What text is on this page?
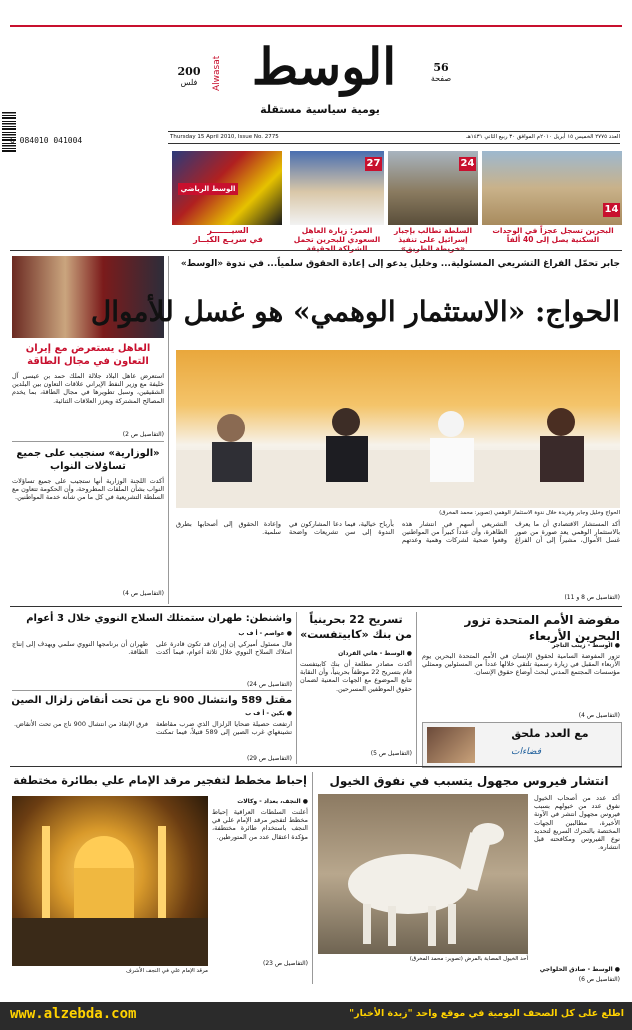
56
صفحة
الوسط
Alwasat
يومية سياسية مستقلة
200
فلس
6 084010 041004	Thursday 15 April 2010, Issue No. 2775	العدد ٢٧٧٥ الخميس ١٥ أبريل ٢٠١٠م الموافق ٣٠ ربيع الثاني ١٤٣١هـ
الوسط الرياضي
27	24
14
البحرين تسجل عجزاً في الوحدات السكنية يصل إلى 40 ألفاً
السلطة تطالب بإجبار إسرائيل على تنفيذ «خريطة الطريق»
العمر: زيارة العاهل السعودي للبحرين تحمل الشراكة الحقيقة
السيـــــــر
في سريـع الكبــار
العاهل يستعرض مع إيران التعاون في مجال الطاقة
استعرض عاهل البلاد جلالة الملك حمد بن عيسى آل خليفة مع وزير النفط الإيراني علاقات التعاون بين البلدين الشقيقين، وسبل تطويرها في مجال الطاقة، بما يخدم المصالح المشتركة ويعزز العلاقات الثنائية.
(التفاصيل ص 2)
«الوزارية» سنجيب على جميع تساؤلات النواب
أكدت اللجنة الوزارية أنها ستجيب على جميع تساؤلات النواب بشأن الملفات المطروحة، وأن الحكومة تتعاون مع السلطة التشريعية في كل ما من شأنه خدمة المواطنين.
(التفاصيل ص 4)
جابر تحمّل الفراغ التشريعي المسئولية... وخليل يدعو إلى إعادة الحقوق سلمياً... في ندوة «الوسط»
الحواج: «الاستثمار الوهمي» هو غسل للأموال
الحواج وخليل وجابر وفريدة خلال ندوة الاستثمار الوهمي (تصوير: محمد المخرق)
أكد المستشار الاقتصادي أن ما يعرف بالاستثمار الوهمي يعد صورة من صور غسل الأموال، مشيراً إلى أن الفراغ التشريعي أسهم في انتشار هذه الظاهرة، وأن عدداً كبيراً من المواطنين وقعوا ضحية لشركات وهمية وعدتهم بأرباح خيالية، فيما دعا المشاركون في الندوة إلى سن تشريعات واضحة وإعادة الحقوق إلى أصحابها بطرق سلمية.
(التفاصيل ص 8 و 11)
مفوضة الأمم المتحدة تزور البحرين الأربعاء
● الوسط - زينب التاجر
تزور المفوضة السامية لحقوق الإنسان في الأمم المتحدة البحرين يوم الأربعاء المقبل في زيارة رسمية تلتقي خلالها عدداً من المسئولين وممثلي مؤسسات المجتمع المدني لبحث أوضاع حقوق الإنسان.
(التفاصيل ص 4)
مع العدد ملحق
فضاءات
تسريح 22 بحرينياً من بنك «كابيتفست»
● الوسط - هاني الفردان
أكدت مصادر مطلعة أن بنك كابيتفست قام بتسريح 22 موظفاً بحرينياً، وأن النقابة تتابع الموضوع مع الجهات المعنية لضمان حقوق الموظفين المسرحين.
(التفاصيل ص 5)
واشنطن: طهران ستمتلك السلاح النووي خلال 3 أعوام
● عواصم - أ ف ب
قال مسئول أميركي إن إيران قد تكون قادرة على امتلاك السلاح النووي خلال ثلاثة أعوام، فيما أكدت طهران أن برنامجها النووي سلمي ويهدف إلى إنتاج الطاقة.
(التفاصيل ص 24)
مقتل 589 وانتشال 900 ناج من تحت أنقاض زلزال الصين
● بكين - أ ف ب
ارتفعت حصيلة ضحايا الزلزال الذي ضرب مقاطعة تشينغهاي غرب الصين إلى 589 قتيلاً، فيما تمكنت فرق الإنقاذ من انتشال 900 ناج من تحت الأنقاض.
(التفاصيل ص 29)
انتشار فيروس مجهول يتسبب في نفوق الخيول
أكد عدد من أصحاب الخيول نفوق عدد من خيولهم بسبب فيروس مجهول انتشر في الآونة الأخيرة، مطالبين الجهات المختصة بالتحرك السريع لتحديد نوع الفيروس ومكافحته قبل انتشاره.
● الوسط - صادق الحلواجي
أحد الخيول المصابة بالمرض (تصوير: محمد المخرق)
(التفاصيل ص 6)
إحباط مخطط لتفجير مرقد الإمام علي بطائرة مختطفة
● النجف، بغداد - وكالات
أعلنت السلطات العراقية إحباط مخطط لتفجير مرقد الإمام علي في النجف باستخدام طائرة مختطفة، مؤكدة اعتقال عدد من المتورطين.
(التفاصيل ص 23)
مرقد الإمام علي في النجف الأشرف
www.alzebda.com	اطلع على كل الصحف اليومية في موقع واحد "زبدة الأخبار"
